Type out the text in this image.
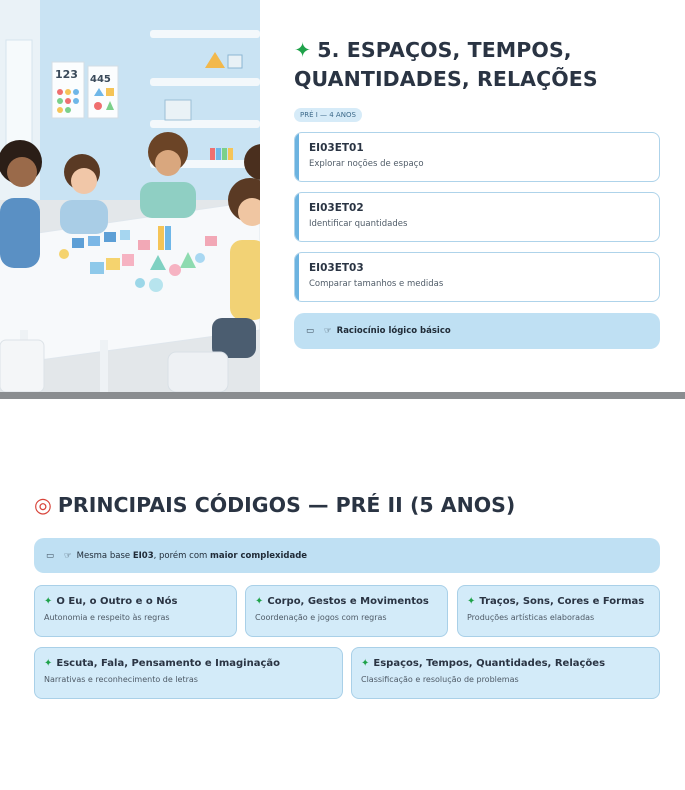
123 445
✦ 5. ESPAÇOS, TEMPOS, QUANTIDADES, RELAÇÕES
PRÉ I — 4 ANOS
EI03ET01
Explorar noções de espaço
EI03ET02
Identificar quantidades
EI03ET03
Comparar tamanhos e medidas
▭ ☞ Raciocínio lógico básico
◎ PRINCIPAIS CÓDIGOS — PRÉ II (5 ANOS)
▭ ☞ Mesma base
EI03 , porém com
maior complexidade
✦ O Eu, o Outro e o Nós
Autonomia e respeito às regras
✦ Corpo, Gestos e Movimentos
Coordenação e jogos com regras
✦ Traços, Sons, Cores e Formas
Produções artísticas elaboradas
✦ Escuta, Fala, Pensamento e Imaginação
Narrativas e reconhecimento de letras
✦ Espaços, Tempos, Quantidades, Relações
Classificação e resolução de problemas
